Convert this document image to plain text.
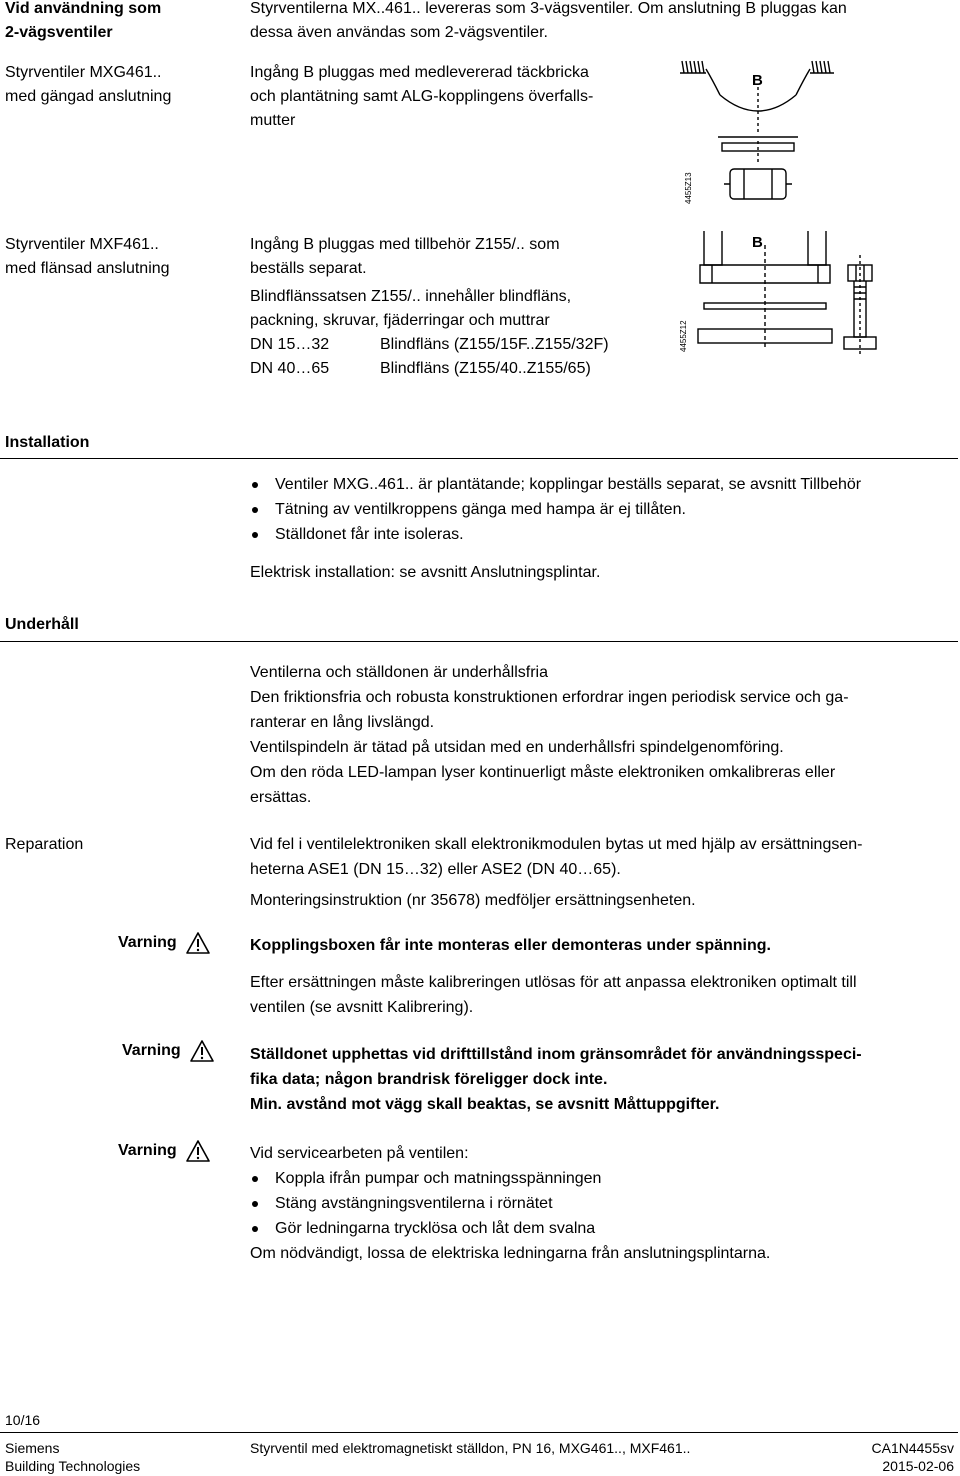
Vid användning som
2-vägsventiler
Styrventilerna MX..461.. levereras som 3-vägsventiler. Om anslutning B pluggas kan
dessa även användas som 2-vägsventiler.
Styrventiler MXG461..
med gängad anslutning
Ingång B pluggas med medlevererad täckbricka
och plantätning samt ALG-kopplingens överfalls-
mutter
B
4455Z13
Styrventiler MXF461..
med flänsad anslutning
Ingång B pluggas med tillbehör Z155/.. som
beställs separat.
Blindflänssatsen Z155/.. innehåller blindfläns,
packning, skruvar, fjäderringar och muttrar
DN 15…32	Blindfläns (Z155/15F..Z155/32F)
DN 40…65	Blindfläns (Z155/40..Z155/65)
B
4455Z12
Installation
Ventiler MXG..461.. är plantätande; kopplingar beställs separat, se avsnitt Tillbehör
Tätning av ventilkroppens gänga med hampa är ej tillåten.
Ställdonet får inte isoleras.
Elektrisk installation: se avsnitt Anslutningsplintar.
Underhåll
Ventilerna och ställdonen är underhållsfria
Den friktionsfria och robusta konstruktionen erfordrar ingen periodisk service och ga-
ranterar en lång livslängd.
Ventilspindeln är tätad på utsidan med en underhållsfri spindelgenomföring.
Om den röda LED-lampan lyser kontinuerligt måste elektroniken omkalibreras eller
ersättas.
Reparation	Vid fel i ventilelektroniken skall elektronikmodulen bytas ut med hjälp av ersättningsen-
heterna ASE1 (DN 15…32) eller ASE2 (DN 40…65).
Monteringsinstruktion (nr 35678) medföljer ersättningsenheten.
Varning	Kopplingsboxen får inte monteras eller demonteras under spänning.
Efter ersättningen måste kalibreringen utlösas för att anpassa elektroniken optimalt till
ventilen (se avsnitt Kalibrering).
Varning	Ställdonet upphettas vid drifttillstånd inom gränsområdet för användningsspeci-
fika data; någon brandrisk föreligger dock inte.
Min. avstånd mot vägg skall beaktas, se avsnitt Måttuppgifter.
Varning	Vid servicearbeten på ventilen:
Koppla ifrån pumpar och matningsspänningen
Stäng avstängningsventilerna i rörnätet
Gör ledningarna trycklösa och låt dem svalna
Om nödvändigt, lossa de elektriska ledningarna från anslutningsplintarna.
10/16
Siemens
Building Technologies
Styrventil med elektromagnetiskt ställdon, PN 16, MXG461.., MXF461..	CA1N4455sv
2015-02-06
